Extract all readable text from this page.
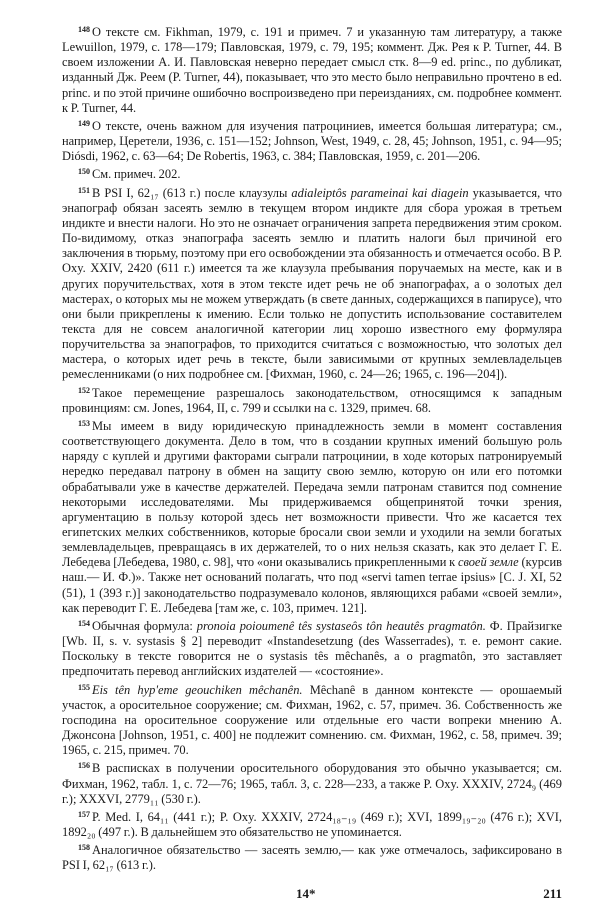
$^{148}$ О тексте см. Fikhman, 1979, с. 191 и примеч. 7 и указанную там литературу, а также Lewuillon, 1979, с. 178—179; Павловская, 1979, с. 79, 195; коммент. Дж. Рея к P. Turner, 44. В своем изложении А. И. Павловская неверно передает смысл стк. 8—9 ed. princ., по дубликат, изданный Дж. Реем (P. Turner, 44), показывает, что это место было неправильно прочтено в ed. princ. и по этой причине ошибочно воспроизведено при переизданиях, см. подробнее коммент. к P. Turner, 44.

$^{149}$ О тексте, очень важном для изучения патроциниев, имеется большая литература; см., например, Церетели, 1936, с. 151—152; Johnson, West, 1949, с. 28, 45; Johnson, 1951, с. 94—95; Diósdi, 1962, с. 63—64; De Robertis, 1963, с. 384; Павловская, 1959, с. 201—206.

$^{150}$ См. примеч. 202.

$^{151}$ В PSI I, 62₁₇ (613 г.) после клаузулы adialeiptôs parameinai kai diagein указывается, что энапограф обязан засеять землю в текущем втором индикте для сбора урожая в третьем индикте и внести налоги. Но это не означает ограничения запрета передвижения этим сроком. По-видимому, отказ энапографа засеять землю и платить налоги был причиной его заключения в тюрьму, поэтому при его освобождении эта обязанность и отмечается особо. В P. Oxy. XXIV, 2420 (611 г.) имеется та же клаузула пребывания поручаемых на месте, как и в других поручительствах, хотя в этом тексте идет речь не об энапографах, а о золотых дел мастерах, о которых мы не можем утверждать (в свете данных, содержащихся в папирусе), что они были прикреплены к имению. Если только не допустить использование составителем текста для не совсем аналогичной категории лиц хорошо известного ему формуляра поручительства за энапографов, то приходится считаться с возможностью, что золотых дел мастера, о которых идет речь в тексте, были зависимыми от крупных землевладельцев ремесленниками (о них подробнее см. [Фихман, 1960, с. 24—26; 1965, с. 196—204]).

$^{152}$ Такое перемещение разрешалось законодательством, относящимся к западным провинциям: см. Jones, 1964, II, с. 799 и ссылки на с. 1329, примеч. 68.

$^{153}$ Мы имеем в виду юридическую принадлежность земли в момент составления соответствующего документа. Дело в том, что в создании крупных имений большую роль наряду с куплей и другими факторами сыграли патроцинии, в ходе которых патронируемый нередко передавал патрону в обмен на защиту свою землю, которую он или его потомки обрабатывали уже в качестве держателей. Передача земли патронам ставится под сомнение некоторыми исследователями. Мы придерживаемся общепринятой точки зрения, аргументацию в пользу которой здесь нет возможности привести. Что же касается тех египетских мелких собственников, которые бросали свои земли и уходили на земли богатых землевладельцев, превращаясь в их держателей, то о них нельзя сказать, как это делает Г. Е. Лебедева [Лебедева, 1980, с. 98], что «они оказывались прикрепленными к своей земле (курсив наш.— И. Ф.)». Также нет оснований полагать, что под «servi tamen terrae ipsius» [C. J. XI, 52 (51), 1 (393 г.)] законодательство подразумевало колонов, являющихся рабами «своей земли», как переводит Г. Е. Лебедева [там же, с. 103, примеч. 121].

$^{154}$ Обычная формула: pronoia poioumenê tês systaseôs tôn heautês pragmatôn. Ф. Прайзигке [Wb. II, s. v. systasis § 2] переводит «Instandesetzung (des Wasserrades), т. е. ремонт сакие. Поскольку в тексте говорится не о systasis tês mêchanês, а о pragmatôn, это заставляет предпочитать перевод английских издателей — «состояние».

$^{155}$ Eis tên hyp'eme geouchiken mêchanên. Mêchanê в данном контексте — орошаемый участок, а оросительное сооружение; см. Фихман, 1962, с. 57, примеч. 36. Собственность же господина на оросительное сооружение или отдельные его части вопреки мнению А. Джонсона [Johnson, 1951, с. 400] не подлежит сомнению. см. Фихман, 1962, с. 58, примеч. 39; 1965, с. 215, примеч. 70.

$^{156}$ В расписках в получении оросительного оборудования это обычно указывается; см. Фихман, 1962, табл. 1, с. 72—76; 1965, табл. 3, с. 228—233, а также P. Oxy. XXXIV, 2724₉ (469 г.); XXXVI, 2779₁₁ (530 г.).

$^{157}$ P. Med. I, 64₁₁ (441 г.); P. Oxy. XXXIV, 2724₁₈₋₁₉ (469 г.); XVI, 1899₁₉₋₂₀ (476 г.); XVI, 1892₂₀ (497 г.). В дальнейшем это обязательство не упоминается.

$^{158}$ Аналогичное обязательство — засеять землю,— как уже отмечалось, зафиксировано в PSI I, 62₁₇ (613 г.).

14*	211
